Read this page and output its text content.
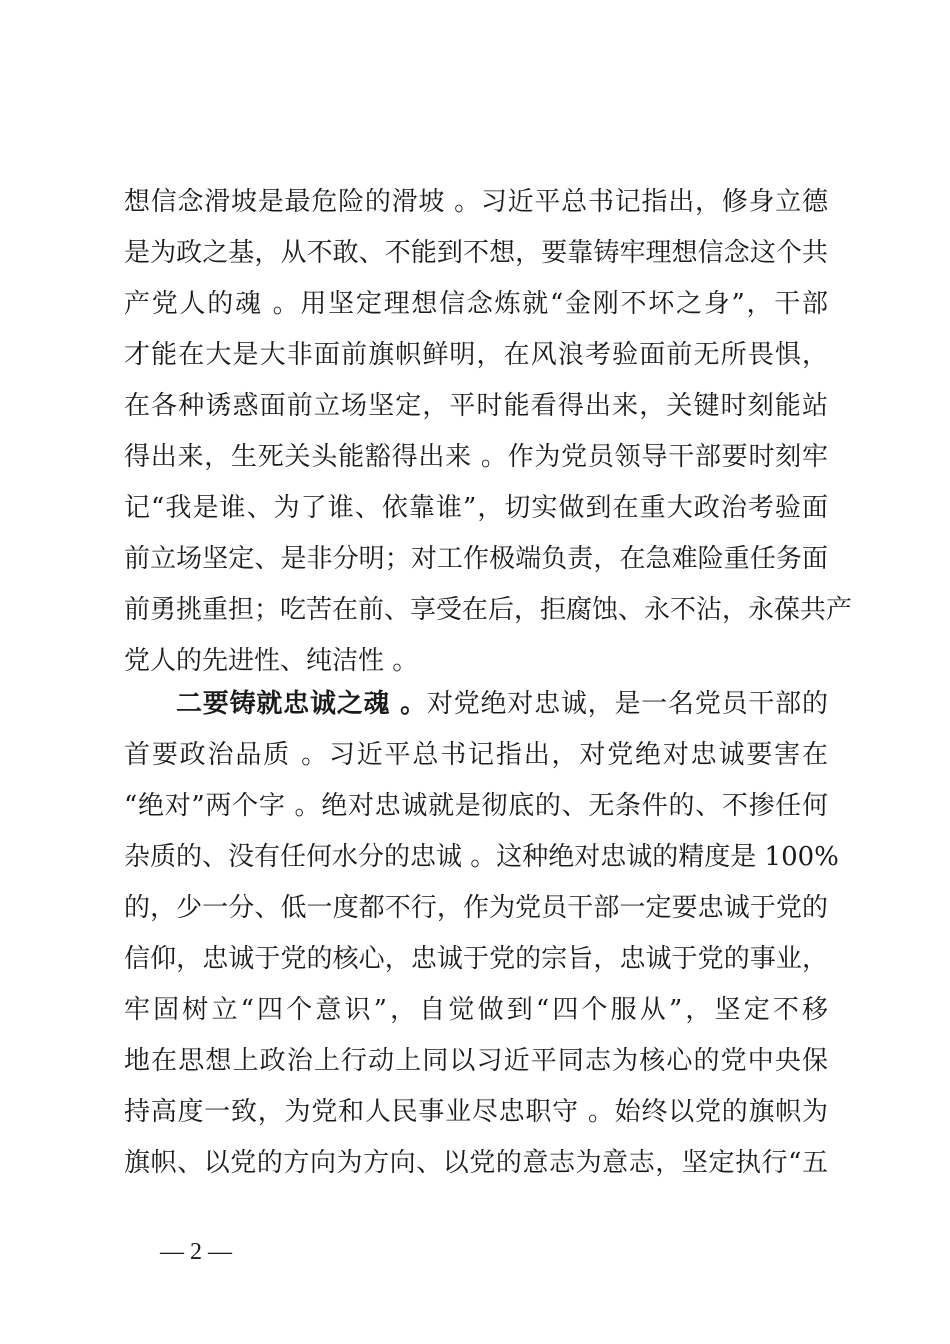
想信念滑坡是最危险的滑坡 。习近平总书记指出，修身立德
是为政之基，从不敢、不能到不想，要靠铸牢理想信念这个共
产党人的魂 。用坚定理想信念炼就“金刚不坏之身”，干部
才能在大是大非面前旗帜鲜明，在风浪考验面前无所畏惧，
在各种诱惑面前立场坚定，平时能看得出来，关键时刻能站
得出来，生死关头能豁得出来 。作为党员领导干部要时刻牢
记“我是谁、为了谁、依靠谁”，切实做到在重大政治考验面
前立场坚定、是非分明；对工作极端负责，在急难险重任务面
前勇挑重担；吃苦在前、享受在后，拒腐蚀、永不沾，永葆共产
党人的先进性、纯洁性 。
二要铸就忠诚之魂 。对党绝对忠诚，是一名党员干部的
首要政治品质 。习近平总书记指出，对党绝对忠诚要害在
“绝对”两个字 。绝对忠诚就是彻底的、无条件的、不掺任何
杂质的、没有任何水分的忠诚 。这种绝对忠诚的精度是 100%
的，少一分、低一度都不行，作为党员干部一定要忠诚于党的
信仰，忠诚于党的核心，忠诚于党的宗旨，忠诚于党的事业，
牢固树立“四个意识”，自觉做到“四个服从”，坚定不移
地在思想上政治上行动上同以习近平同志为核心的党中央保
持高度一致，为党和人民事业尽忠职守 。始终以党的旗帜为
旗帜、以党的方向为方向、以党的意志为意志，坚定执行“五
— 2 —
